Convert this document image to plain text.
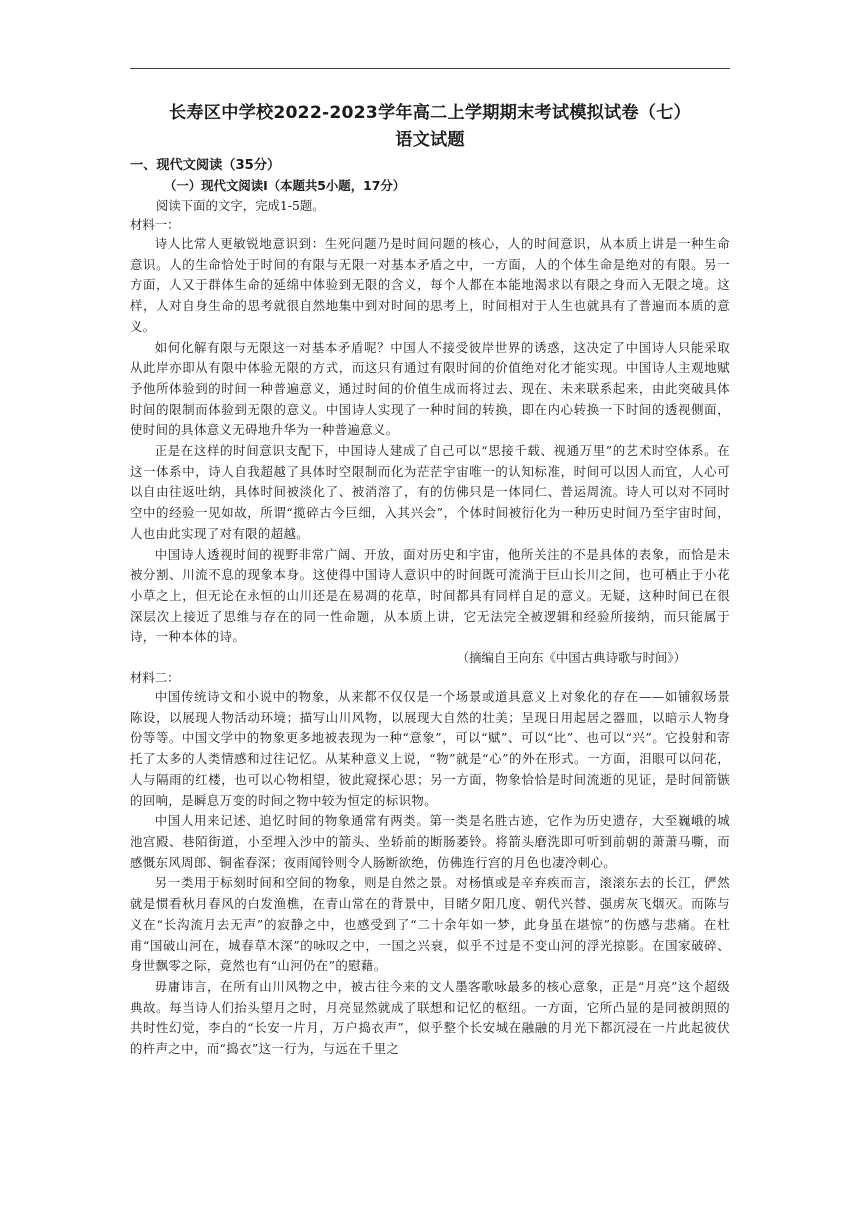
长寿区中学校2022-2023学年高二上学期期末考试模拟试卷（七）
语文试题
一、现代文阅读（35分）
（一）现代文阅读Ⅰ（本题共5小题，17分）
阅读下面的文字，完成1-5题。
材料一：

诗人比常人更敏锐地意识到：生死问题乃是时间问题的核心，人的时间意识，从本质上讲是一种生命意识。人的生命恰处于时间的有限与无限一对基本矛盾之中，一方面，人的个体生命是绝对的有限。另一方面，人又于群体生命的延绵中体验到无限的含义，每个人都在本能地渴求以有限之身而入无限之境。这样，人对自身生命的思考就很自然地集中到对时间的思考上，时间相对于人生也就具有了普遍而本质的意义。

如何化解有限与无限这一对基本矛盾呢？中国人不接受彼岸世界的诱惑，这决定了中国诗人只能采取从此岸亦即从有限中体验无限的方式，而这只有通过有限时间的价值绝对化才能实现。中国诗人主观地赋予他所体验到的时间一种普遍意义，通过时间的价值生成而将过去、现在、未来联系起来，由此突破具体时间的限制而体验到无限的意义。中国诗人实现了一种时间的转换，即在内心转换一下时间的透视侧面，使时间的具体意义无碍地升华为一种普遍意义。

正是在这样的时间意识支配下，中国诗人建成了自己可以“思接千载、视通万里”的艺术时空体系。在这一体系中，诗人自我超越了具体时空限制而化为茫茫宇宙唯一的认知标准，时间可以因人而宜，人心可以自由往返吐纳，具体时间被淡化了、被消溶了，有的仿佛只是一体同仁、普运周流。诗人可以对不同时空中的经验一见如故，所谓“揽碎古今巨细，入其兴会”，个体时间被衍化为一种历史时间乃至宇宙时间，人也由此实现了对有限的超越。

中国诗人透视时间的视野非常广阔、开放，面对历史和宇宙，他所关注的不是具体的表象，而恰是未被分割、川流不息的现象本身。这使得中国诗人意识中的时间既可流淌于巨山长川之间，也可栖止于小花小草之上，但无论在永恒的山川还是在易凋的花草，时间都具有同样自足的意义。无疑，这种时间已在很深层次上接近了思维与存在的同一性命题，从本质上讲，它无法完全被逻辑和经验所接纳，而只能属于诗，一种本体的诗。

（摘编自王向东《中国古典诗歌与时间》）
材料二：

中国传统诗文和小说中的物象，从来都不仅仅是一个场景或道具意义上对象化的存在——如铺叙场景陈设，以展现人物活动环境；描写山川风物，以展现大自然的壮美；呈现日用起居之器皿，以暗示人物身份等等。中国文学中的物象更多地被表现为一种“意象”，可以“赋”、可以“比”、也可以“兴”。它投射和寄托了太多的人类情感和过往记忆。从某种意义上说，“物”就是“心”的外在形式。一方面，泪眼可以问花，人与隔雨的红楼，也可以心物相望，彼此窥探心思；另一方面，物象恰恰是时间流逝的见证，是时间箭镞的回响，是瞬息万变的时间之物中较为恒定的标识物。

中国人用来记述、追忆时间的物象通常有两类。第一类是名胜古迹，它作为历史遗存，大至巍峨的城池宫殿、巷陌街道，小至埋入沙中的箭头、坐轿前的断肠萎铃。将箭头磨洗即可听到前朝的萧萧马嘶，而感慨东风周郎、铜雀春深；夜雨闻铃则令人肠断欲绝，仿佛连行宫的月色也凄冷刺心。

另一类用于标刻时间和空间的物象，则是自然之景。对杨慎或是辛弃疾而言，滚滚东去的长江，俨然就是惯看秋月春风的白发渔樵，在青山常在的背景中，目睹夕阳几度、朝代兴替、强虏灰飞烟灭。而陈与义在“长沟流月去无声”的寂静之中，也感受到了“二十余年如一梦，此身虽在堪惊”的伤感与悲痛。在杜甫“国破山河在，城春草木深”的咏叹之中，一国之兴衰，似乎不过是不变山河的浮光掠影。在国家破碎、身世飘零之际，竟然也有“山河仍在”的慰藉。

毋庸讳言，在所有山川风物之中，被古往今来的文人墨客歌咏最多的核心意象，正是“月亮”这个超级典故。每当诗人们抬头望月之时，月亮显然就成了联想和记忆的枢纽。一方面，它所凸显的是同被朗照的共时性幻觉，李白的“长安一片月，万户捣衣声”，似乎整个长安城在融融的月光下都沉浸在一片此起彼伏的杵声之中，而“捣衣”这一行为，与远在千里之
